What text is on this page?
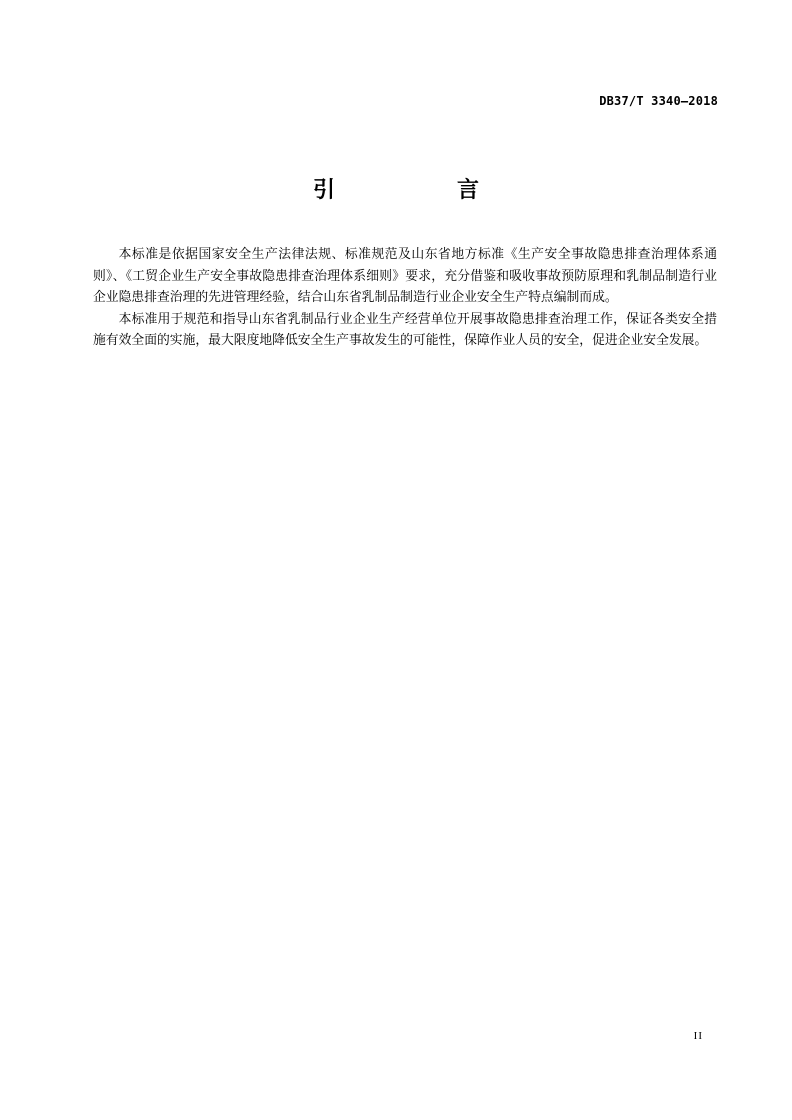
DB37/T 3340—2018
引　言

本标准是依据国家安全生产法律法规、标准规范及山东省地方标准《生产安全事故隐患排查治理体系通则》、《工贸企业生产安全事故隐患排查治理体系细则》要求，充分借鉴和吸收事故预防原理和乳制品制造行业企业隐患排查治理的先进管理经验，结合山东省乳制品制造行业企业安全生产特点编制而成。

本标准用于规范和指导山东省乳制品行业企业生产经营单位开展事故隐患排查治理工作，保证各类安全措施有效全面的实施，最大限度地降低安全生产事故发生的可能性，保障作业人员的安全，促进企业安全发展。

II
